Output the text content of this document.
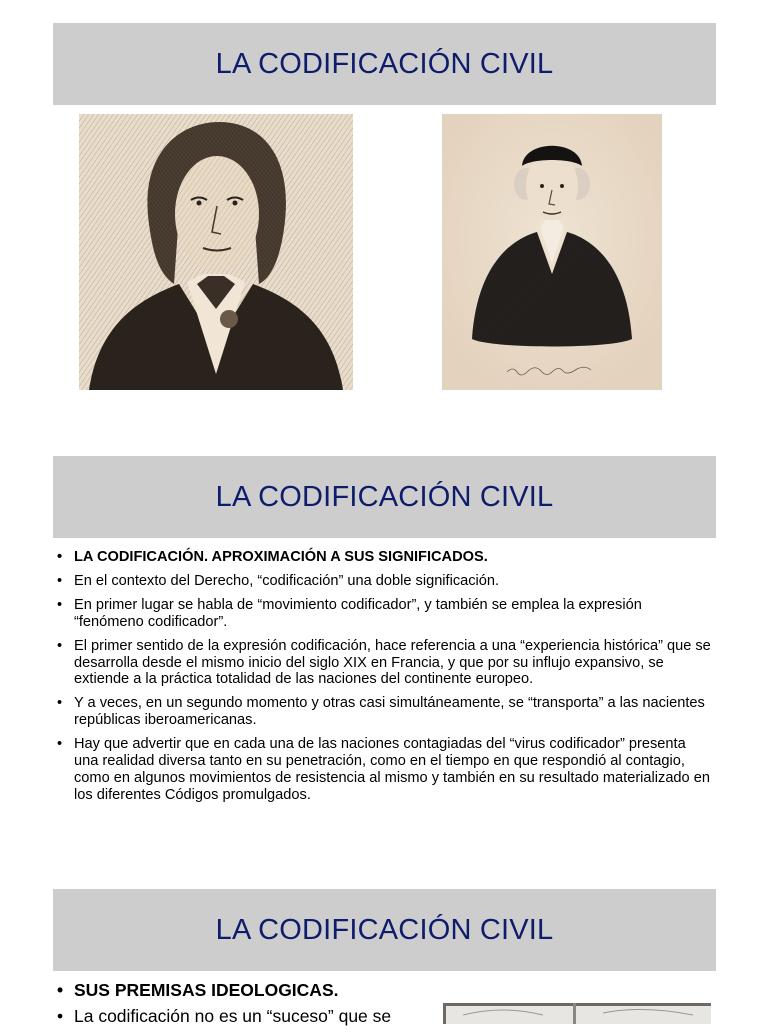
LA CODIFICACIÓN CIVIL
LA CODIFICACIÓN CIVIL
• LA CODIFICACIÓN. APROXIMACIÓN A SUS SIGNIFICADOS.
• En el contexto del Derecho, “codificación” una doble significación.
• En primer lugar se habla de “movimiento codificador”, y también se emplea la expresión “fenómeno codificador”.
• El primer sentido de la expresión codificación, hace referencia a una “experiencia histórica” que se desarrolla desde el mismo inicio del siglo XIX en Francia, y que por su influjo expansivo, se extiende a la práctica totalidad de las naciones del continente europeo.
• Y a veces, en un segundo momento y otras casi simultáneamente, se “transporta” a las nacientes repúblicas iberoamericanas.
• Hay que advertir que en cada una de las naciones contagiadas del “virus codificador” presenta una realidad diversa tanto en su penetración, como en el tiempo en que respondió al contagio, como en algunos movimientos de resistencia al mismo y también en su resultado materializado en los diferentes Códigos promulgados.
LA CODIFICACIÓN CIVIL
• SUS PREMISAS IDEOLOGICAS.
• La codificación no es un “suceso” que se
